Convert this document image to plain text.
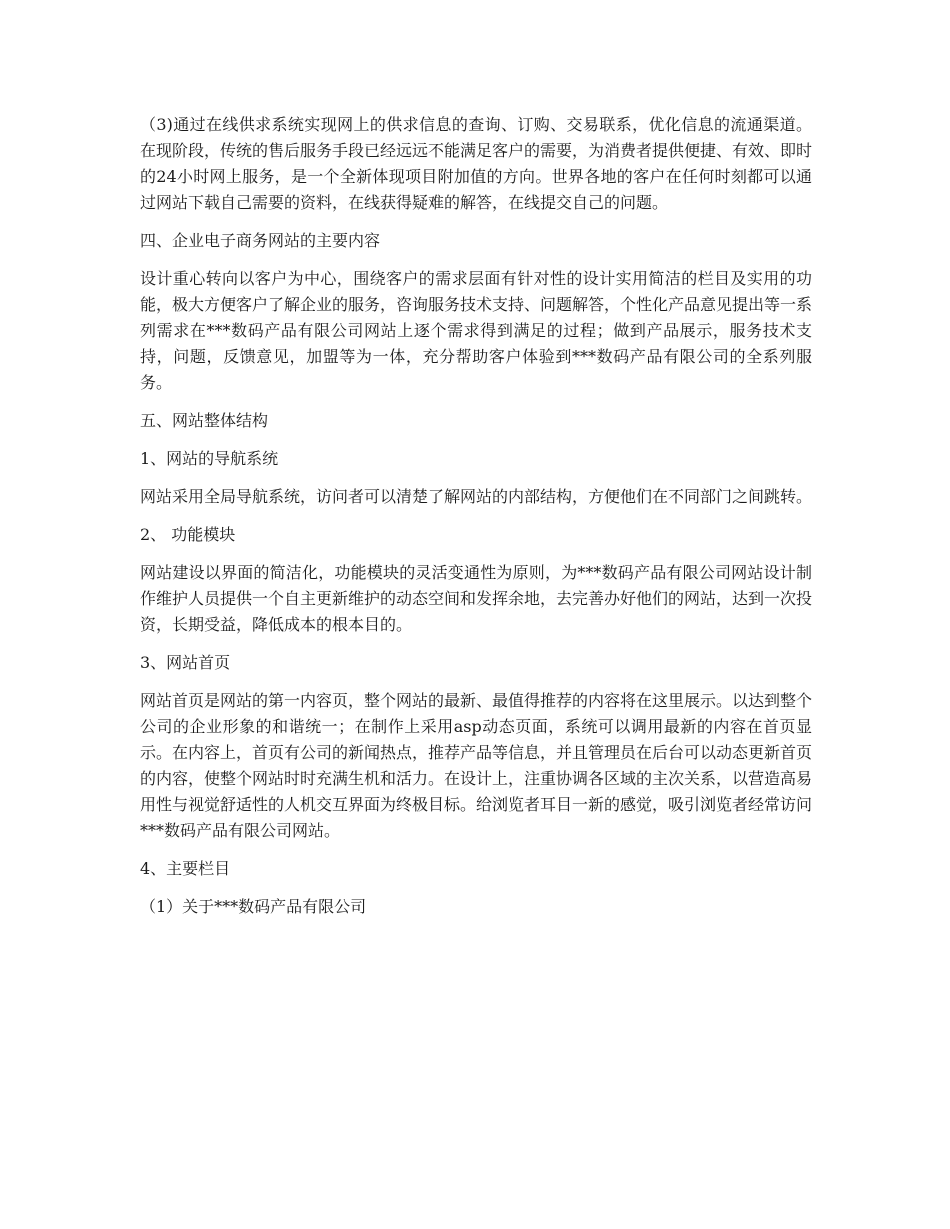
（3)通过在线供求系统实现网上的供求信息的查询、订购、交易联系，优化信息的流通渠道。在现阶段，传统的售后服务手段已经远远不能满足客户的需要，为消费者提供便捷、有效、即时的24小时网上服务，是一个全新体现项目附加值的方向。世界各地的客户在任何时刻都可以通过网站下载自己需要的资料，在线获得疑难的解答，在线提交自己的问题。

四、企业电子商务网站的主要内容

设计重心转向以客户为中心，围绕客户的需求层面有针对性的设计实用简洁的栏目及实用的功能，极大方便客户了解企业的服务，咨询服务技术支持、问题解答，个性化产品意见提出等一系列需求在***数码产品有限公司网站上逐个需求得到满足的过程；做到产品展示，服务技术支持，问题，反馈意见，加盟等为一体，充分帮助客户体验到***数码产品有限公司的全系列服务。

五、网站整体结构

1、网站的导航系统

网站采用全局导航系统，访问者可以清楚了解网站的内部结构，方便他们在不同部门之间跳转。

2、 功能模块

网站建设以界面的简洁化，功能模块的灵活变通性为原则，为***数码产品有限公司网站设计制作维护人员提供一个自主更新维护的动态空间和发挥余地，去完善办好他们的网站，达到一次投资，长期受益，降低成本的根本目的。

3、网站首页

网站首页是网站的第一内容页，整个网站的最新、最值得推荐的内容将在这里展示。以达到整个公司的企业形象的和谐统一；在制作上采用asp动态页面，系统可以调用最新的内容在首页显示。在内容上，首页有公司的新闻热点，推荐产品等信息，并且管理员在后台可以动态更新首页的内容，使整个网站时时充满生机和活力。在设计上，注重协调各区域的主次关系，以营造高易用性与视觉舒适性的人机交互界面为终极目标。给浏览者耳目一新的感觉，吸引浏览者经常访问***数码产品有限公司网站。

4、主要栏目

（1）关于***数码产品有限公司
